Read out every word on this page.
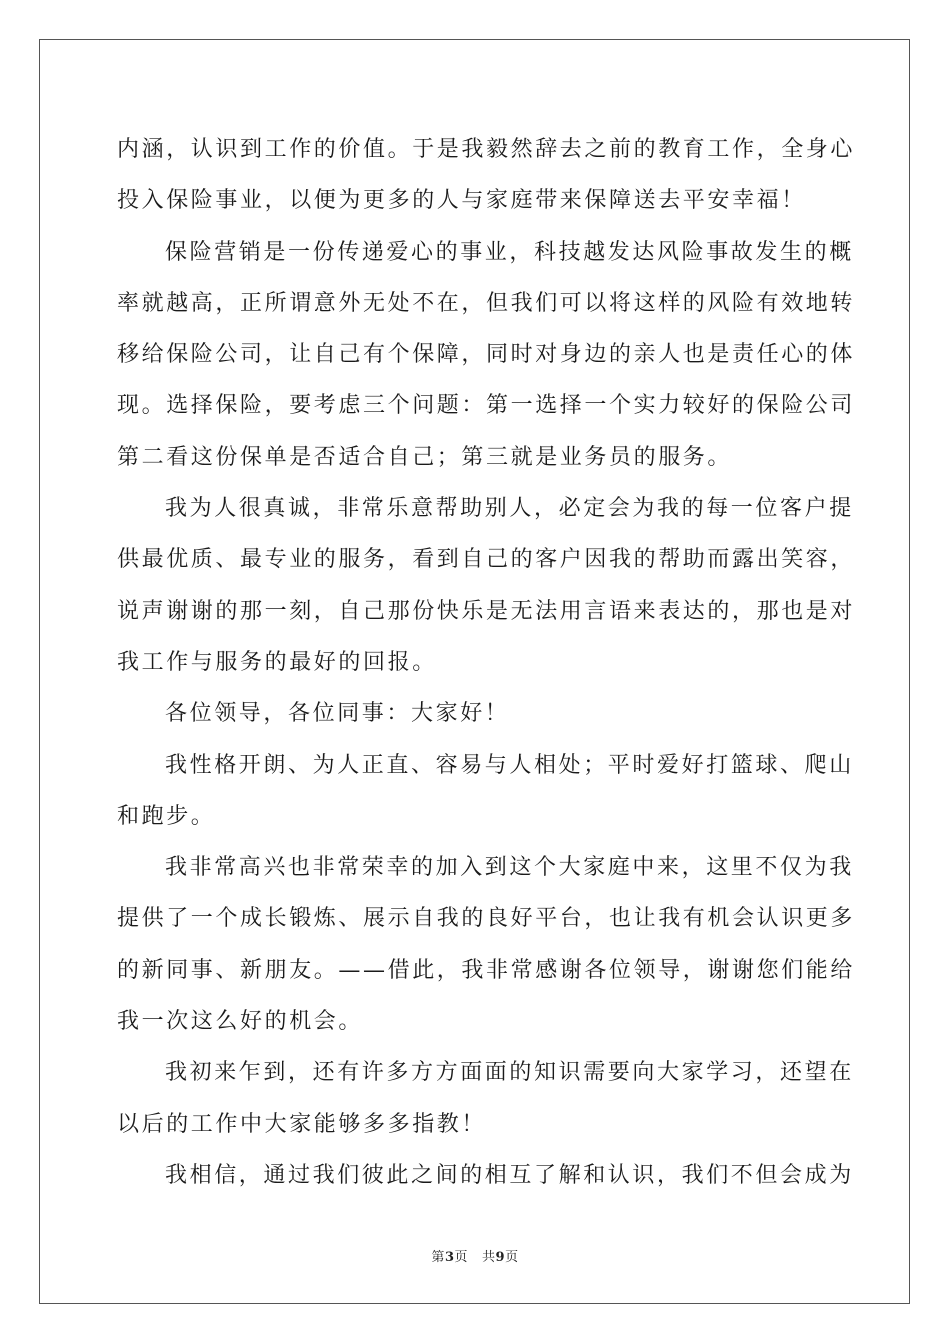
内涵，认识到工作的价值。于是我毅然辞去之前的教育工作，全身心
投入保险事业，以便为更多的人与家庭带来保障送去平安幸福！
保险营销是一份传递爱心的事业，科技越发达风险事故发生的概
率就越高，正所谓意外无处不在，但我们可以将这样的风险有效地转
移给保险公司，让自己有个保障，同时对身边的亲人也是责任心的体
现。选择保险，要考虑三个问题：第一选择一个实力较好的保险公司
第二看这份保单是否适合自己；第三就是业务员的服务。
我为人很真诚，非常乐意帮助别人，必定会为我的每一位客户提
供最优质、最专业的服务，看到自己的客户因我的帮助而露出笑容，
说声谢谢的那一刻，自己那份快乐是无法用言语来表达的，那也是对
我工作与服务的最好的回报。
各位领导，各位同事：大家好！
我性格开朗、为人正直、容易与人相处；平时爱好打篮球、爬山
和跑步。
我非常高兴也非常荣幸的加入到这个大家庭中来，这里不仅为我
提供了一个成长锻炼、展示自我的良好平台，也让我有机会认识更多
的新同事、新朋友。——借此，我非常感谢各位领导，谢谢您们能给
我一次这么好的机会。
我初来乍到，还有许多方方面面的知识需要向大家学习，还望在
以后的工作中大家能够多多指教！
我相信，通过我们彼此之间的相互了解和认识，我们不但会成为
第3页 共9页
